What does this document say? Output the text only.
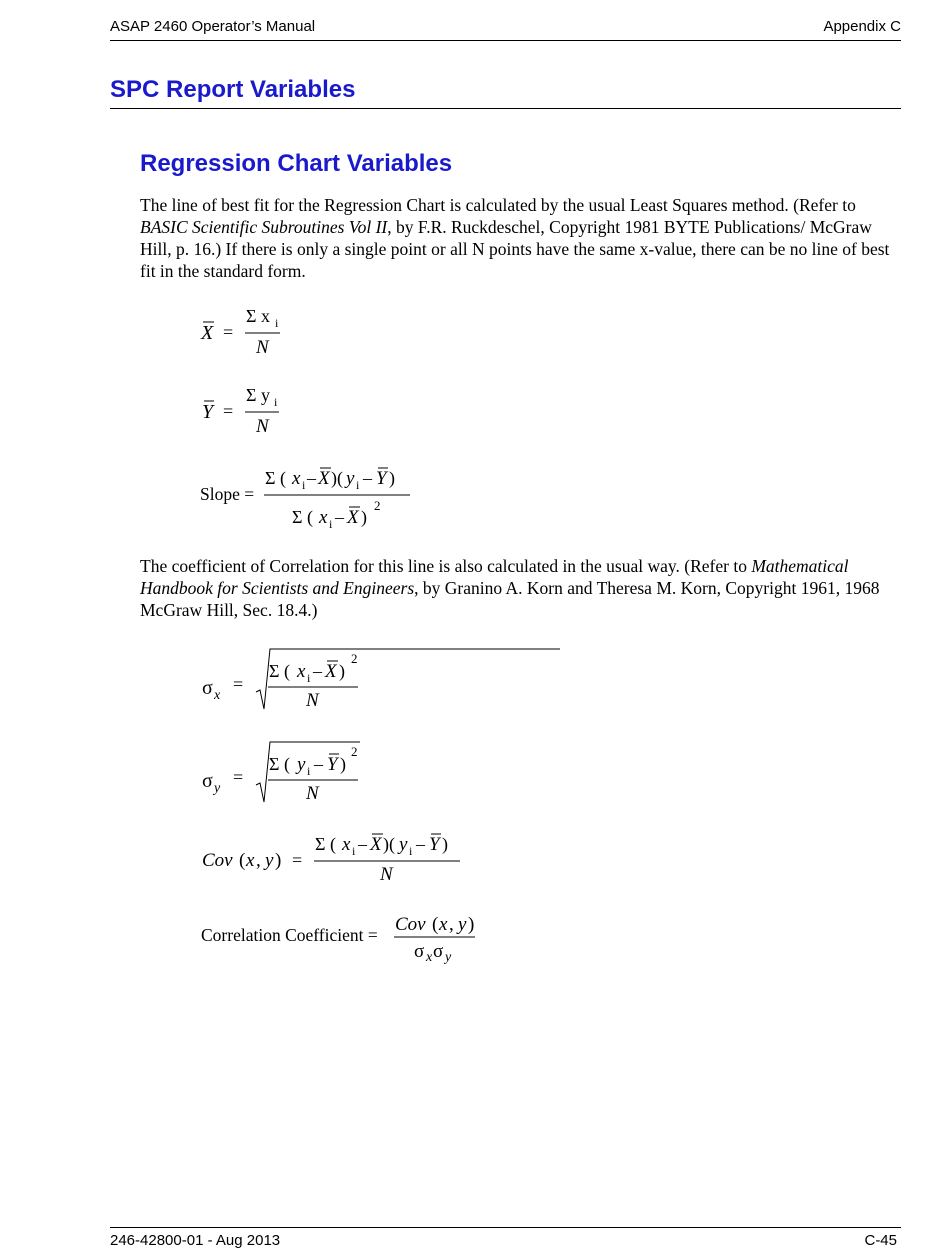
ASAP 2460 Operator’s Manual	Appendix C
SPC Report Variables
Regression Chart Variables

The line of best fit for the Regression Chart is calculated by the usual Least Squares method. (Refer to BASIC Scientific Subroutines Vol II, by F.R. Ruckdeschel, Copyright 1981 BYTE Publications/ McGraw Hill, p. 16.) If there is only a single point or all N points have the same x-value, there can be no line of best fit in the standard form.

X =
Σ x i
N
Y =
Σ y i
N
Slope =
Σ ( x i – X )( y i – Y )
Σ ( x i – X )
2

The coefficient of Correlation for this line is also calculated in the usual way. (Refer to Mathematical Handbook for Scientists and Engineers, by Granino A. Korn and Theresa M. Korn, Copyright 1961, 1968 McGraw Hill, Sec. 18.4.)

σ x
=
Σ ( x i – X )
2
N
σ y
=
Σ ( y i – Y )
2
N
Cov ( x , y ) =
Σ ( x i – X )( y i – Y )
N
Correlation Coefficient = Cov ( x , y )
σ x σ y
246-42800-01 - Aug 2013	C-45
